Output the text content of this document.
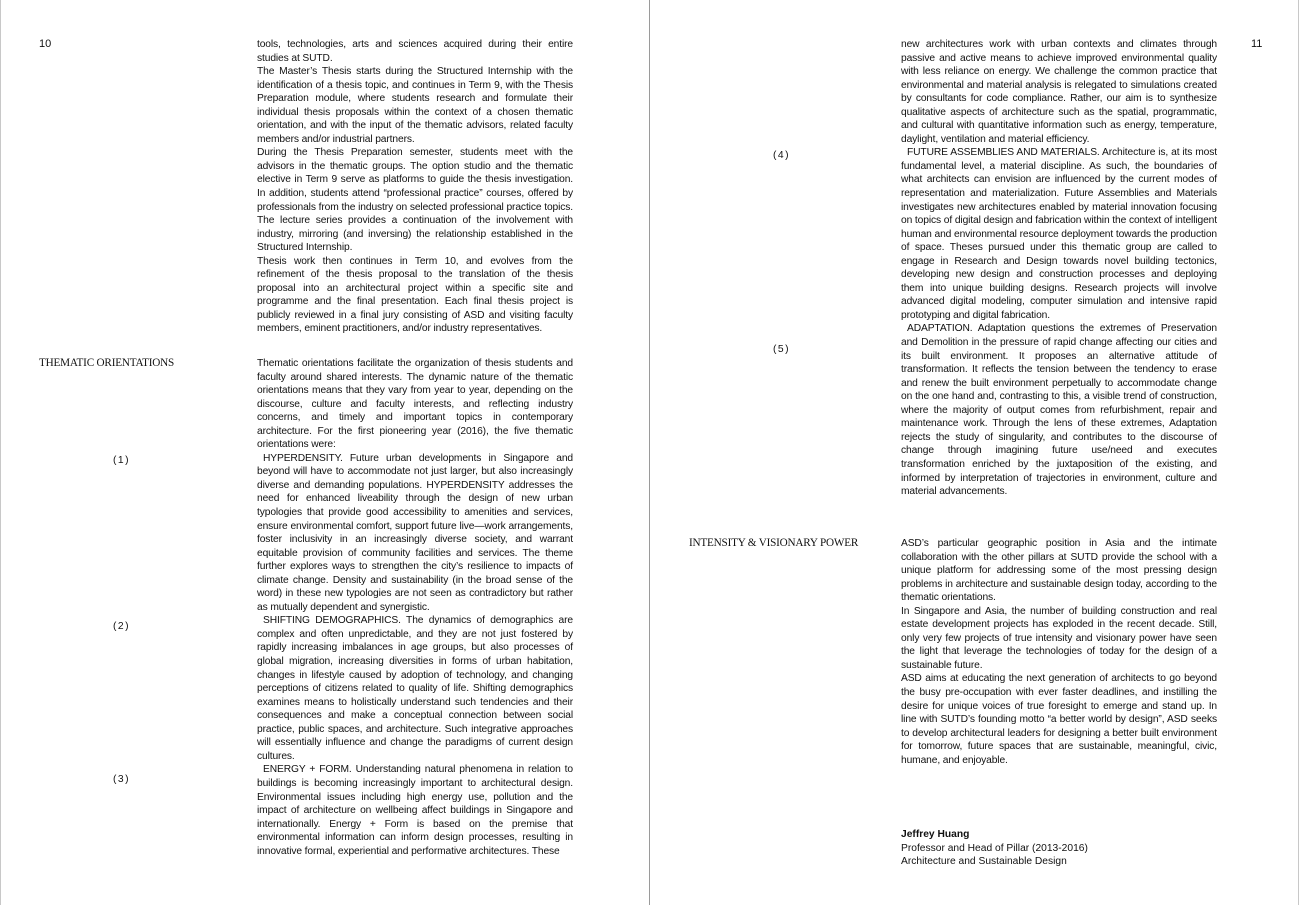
10	tools, technologies, arts and sciences acquired during their entire studies at SUTD.

The Master’s Thesis starts during the Structured Internship with the identification of a thesis topic, and continues in Term 9, with the Thesis Preparation module, where students research and formulate their individual thesis proposals within the context of a chosen thematic orientation, and with the input of the thematic advisors, related faculty members and/or industrial partners.

During the Thesis Preparation semester, students meet with the advisors in the thematic groups. The option studio and the thematic elective in Term 9 serve as platforms to guide the thesis investigation. In addition, students attend “professional practice” courses, offered by professionals from the industry on selected professional practice topics. The lecture series provides a continuation of the involvement with industry, mirroring (and inversing) the relationship established in the Structured Internship.

Thesis work then continues in Term 10, and evolves from the refinement of the thesis proposal to the translation of the thesis proposal into an architectural project within a specific site and programme and the final presentation. Each final thesis project is publicly reviewed in a final jury consisting of ASD and visiting faculty members, eminent practitioners, and/or industry representatives.

THEMATIC ORIENTATIONS	Thematic orientations facilitate the organization of thesis students and faculty around shared interests. The dynamic nature of the thematic orientations means that they vary from year to year, depending on the discourse, culture and faculty interests, and reflecting industry concerns, and timely and important topics in contemporary architecture. For the first pioneering year (2016), the five thematic orientations were:

HYPERDENSITY. Future urban developments in Singapore and beyond will have to accommodate not just larger, but also increasingly diverse and demanding populations. HYPERDENSITY addresses the need for enhanced liveability through the design of new urban typologies that provide good accessibility to amenities and services, ensure environmental comfort, support future live—work arrangements, foster inclusivity in an increasingly diverse society, and warrant equitable provision of community facilities and services. The theme further explores ways to strengthen the city’s resilience to impacts of climate change. Density and sustainability (in the broad sense of the word) in these new typologies are not seen as contradictory but rather as mutually dependent and synergistic.

SHIFTING DEMOGRAPHICS. The dynamics of demographics are complex and often unpredictable, and they are not just fostered by rapidly increasing imbalances in age groups, but also processes of global migration, increasing diversities in forms of urban habitation, changes in lifestyle caused by adoption of technology, and changing perceptions of citizens related to quality of life. Shifting demographics examines means to holistically understand such tendencies and their consequences and make a conceptual connection between social practice, public spaces, and architecture. Such integrative approaches will essentially influence and change the paradigms of current design cultures.

ENERGY + FORM. Understanding natural phenomena in relation to buildings is becoming increasingly important to architectural design. Environmental issues including high energy use, pollution and the impact of architecture on wellbeing affect buildings in Singapore and internationally. Energy + Form is based on the premise that environmental information can inform design processes, resulting in innovative formal, experiential and performative architectures. These

(1)
(2)
(3)
11

new architectures work with urban contexts and climates through passive and active means to achieve improved environmental quality with less reliance on energy. We challenge the common practice that environmental and material analysis is relegated to simulations created by consultants for code compliance. Rather, our aim is to synthesize qualitative aspects of architecture such as the spatial, programmatic, and cultural with quantitative information such as energy, temperature, daylight, ventilation and material efficiency.

FUTURE ASSEMBLIES AND MATERIALS. Architecture is, at its most fundamental level, a material discipline. As such, the boundaries of what architects can envision are influenced by the current modes of representation and materialization. Future Assemblies and Materials investigates new architectures enabled by material innovation focusing on topics of digital design and fabrication within the context of intelligent human and environmental resource deployment towards the production of space. Theses pursued under this thematic group are called to engage in Research and Design towards novel building tectonics, developing new design and construction processes and deploying them into unique building designs. Research projects will involve advanced digital modeling, computer simulation and intensive rapid prototyping and digital fabrication.

ADAPTATION. Adaptation questions the extremes of Preservation and Demolition in the pressure of rapid change affecting our cities and its built environment. It proposes an alternative attitude of transformation. It reflects the tension between the tendency to erase and renew the built environment perpetually to accommodate change on the one hand and, contrasting to this, a visible trend of construction, where the majority of output comes from refurbishment, repair and maintenance work. Through the lens of these extremes, Adaptation rejects the study of singularity, and contributes to the discourse of change through imagining future use/need and executes transformation enriched by the juxtaposition of the existing, and informed by interpretation of trajectories in environment, culture and material advancements.

(4)
(5)
INTENSITY & VISIONARY POWER	ASD’s particular geographic position in Asia and the intimate collaboration with the other pillars at SUTD provide the school with a unique platform for addressing some of the most pressing design problems in architecture and sustainable design today, according to the thematic orientations.

In Singapore and Asia, the number of building construction and real estate development projects has exploded in the recent decade. Still, only very few projects of true intensity and visionary power have seen the light that leverage the technologies of today for the design of a sustainable future.

ASD aims at educating the next generation of architects to go beyond the busy pre-occupation with ever faster deadlines, and instilling the desire for unique voices of true foresight to emerge and stand up. In line with SUTD’s founding motto “a better world by design”, ASD seeks to develop architectural leaders for designing a better built environment for tomorrow, future spaces that are sustainable, meaningful, civic, humane, and enjoyable.

Jeffrey Huang
Professor and Head of Pillar (2013-2016)
Architecture and Sustainable Design
